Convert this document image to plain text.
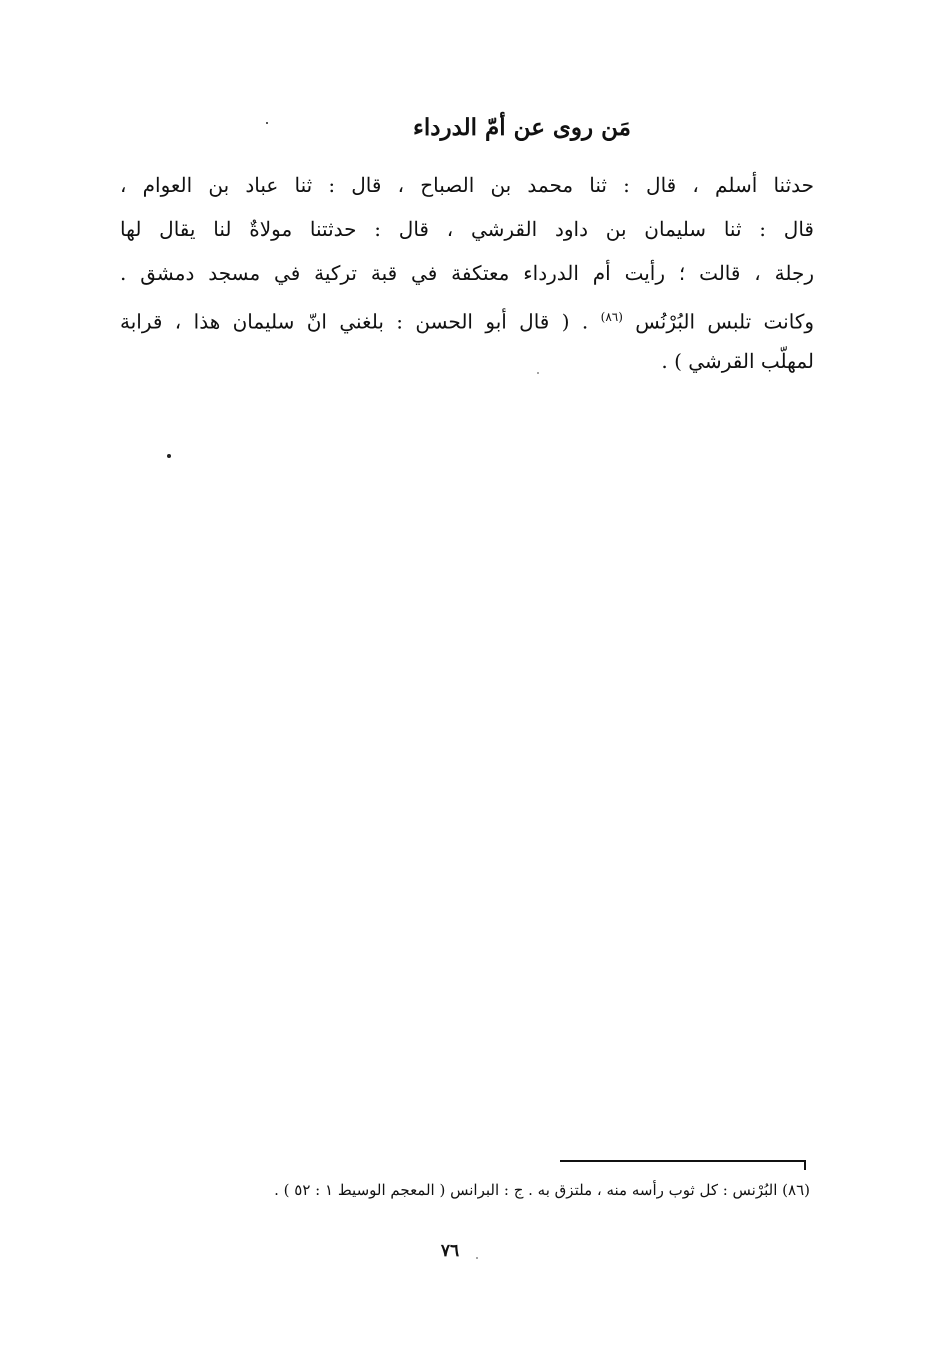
مَن روى عن أمّ الدرداء
حدثنا أسلم ، قال : ثنا محمد بن الصباح ، قال : ثنا عباد بن العوام ،
قال : ثنا سليمان بن داود القرشي ، قال : حدثتنا مولاةٌ لنا يقال لها
رجلة ، قالت ؛ رأيت أم الدرداء معتكفة في قبة تركية في مسجد دمشق .
وكانت تلبس البُرْنُس $^{(٨٦)}$ . ( قال أبو الحسن : بلغني انّ سليمان هذا ، قرابة
لمهلّب القرشي ) .
(٨٦) البُرْنس : كل ثوب رأسه منه ، ملتزق به . ج : البرانس ( المعجم الوسيط ١ : ٥٢ ) .
٧٦
